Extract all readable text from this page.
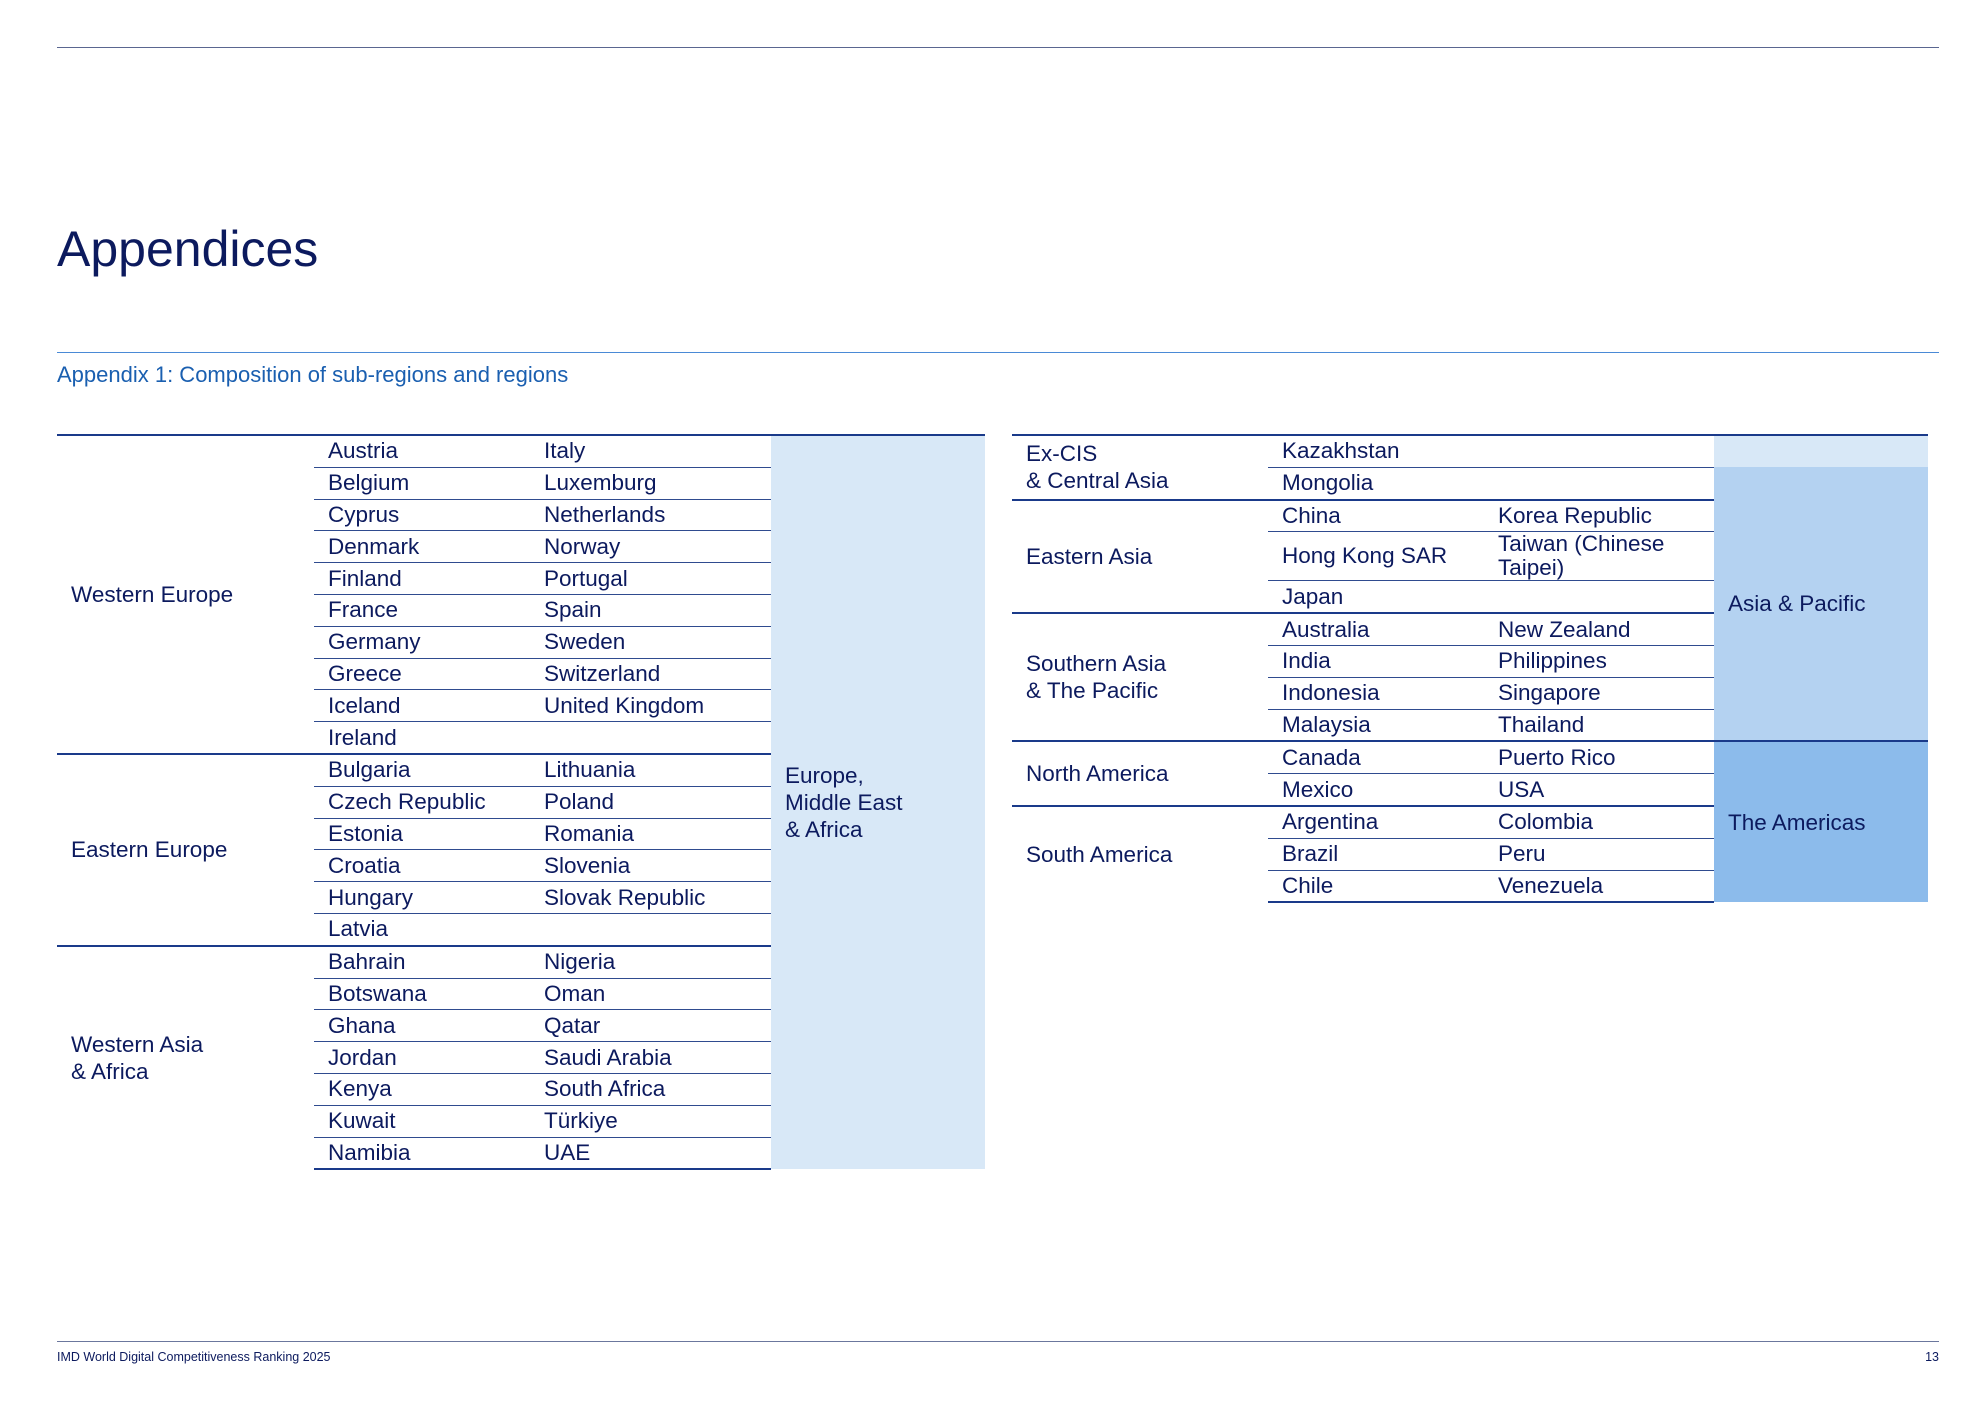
Appendices
Appendix 1: Composition of sub-regions and regions
Western Europe	Austria	Italy	Europe,
Middle East
& Africa
	Belgium	Luxemburg	
	Cyprus	Netherlands	
	Denmark	Norway	
	Finland	Portugal	
	France	Spain	
	Germany	Sweden	
	Greece	Switzerland	
	Iceland	United Kingdom	
	Ireland		
Eastern Europe	Bulgaria	Lithuania	
	Czech Republic	Poland	
	Estonia	Romania	
	Croatia	Slovenia	
	Hungary	Slovak Republic	
	Latvia		
Western Asia
& Africa	Bahrain	Nigeria	
	Botswana	Oman	
	Ghana	Qatar	
	Jordan	Saudi Arabia	
	Kenya	South Africa	
	Kuwait	Türkiye	
	Namibia	UAE	
Ex-CIS
& Central Asia	Kazakhstan		
	Mongolia		Asia & Pacific
Eastern Asia	China	Korea Republic	
	Hong Kong SAR	Taiwan (Chinese Taipei)	
	Japan		
Southern Asia
& The Pacific	Australia	New Zealand	
	India	Philippines	
	Indonesia	Singapore	
	Malaysia	Thailand	
North America	Canada	Puerto Rico	The Americas
	Mexico	USA	
South America	Argentina	Colombia	
	Brazil	Peru	
	Chile	Venezuela	
IMD World Digital Competitiveness Ranking 2025	13
